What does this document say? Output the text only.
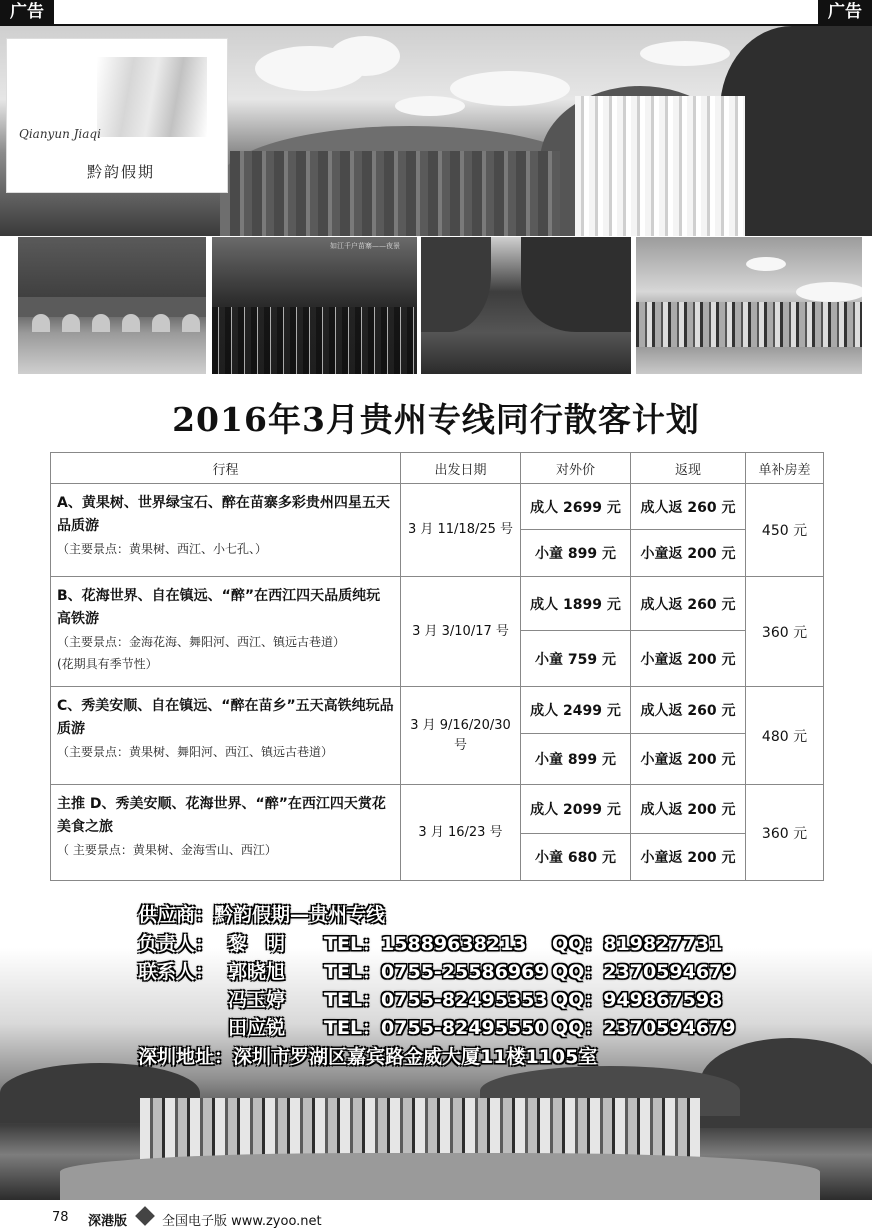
广告	广告
Qianyun Jiaqi
黔韵假期
如江千户苗寨——夜景
2016年3月贵州专线同行散客计划
行程	出发日期	对外价	返现	单补房差

A、黄果树、世界绿宝石、醉在苗寨多彩贵州四星五天品质游
（主要景点：黄果树、西江、小七孔、）	3 月 11/18/25 号	成人 2699 元	成人返 260 元	450 元
		小童 899 元	小童返 200 元	

B、花海世界、自在镇远、“醉”在西江四天品质纯玩高铁游
（主要景点：金海花海、舞阳河、西江、镇远古巷道）
(花期具有季节性）	3 月 3/10/17 号	成人 1899 元	成人返 260 元	360 元
		小童 759 元	小童返 200 元	

C、秀美安顺、自在镇远、“醉在苗乡”五天高铁纯玩品质游
（主要景点：黄果树、舞阳河、西江、镇远古巷道）	3 月 9/16/20/30 号	成人 2499 元	成人返 260 元	480 元
		小童 899 元	小童返 200 元	

主推 D、秀美安顺、花海世界、“醉”在西江四天赏花美食之旅
（ 主要景点：黄果树、金海雪山、西江）	3 月 16/23 号	成人 2099 元	成人返 200 元	360 元
		小童 680 元	小童返 200 元	
供应商：黔韵假期—贵州专线
负责人： 黎　明 TEL：15889638213 QQ：819827731
联系人： 郭晓旭 TEL：0755-25586969 QQ：2370594679
冯玉婷 TEL：0755-82495353 QQ：949867598
田应锐 TEL：0755-82495550 QQ：2370594679
深圳地址：深圳市罗湖区嘉宾路金威大厦11楼1105室
78 深港版	全国电子版 www.zyoo.net
